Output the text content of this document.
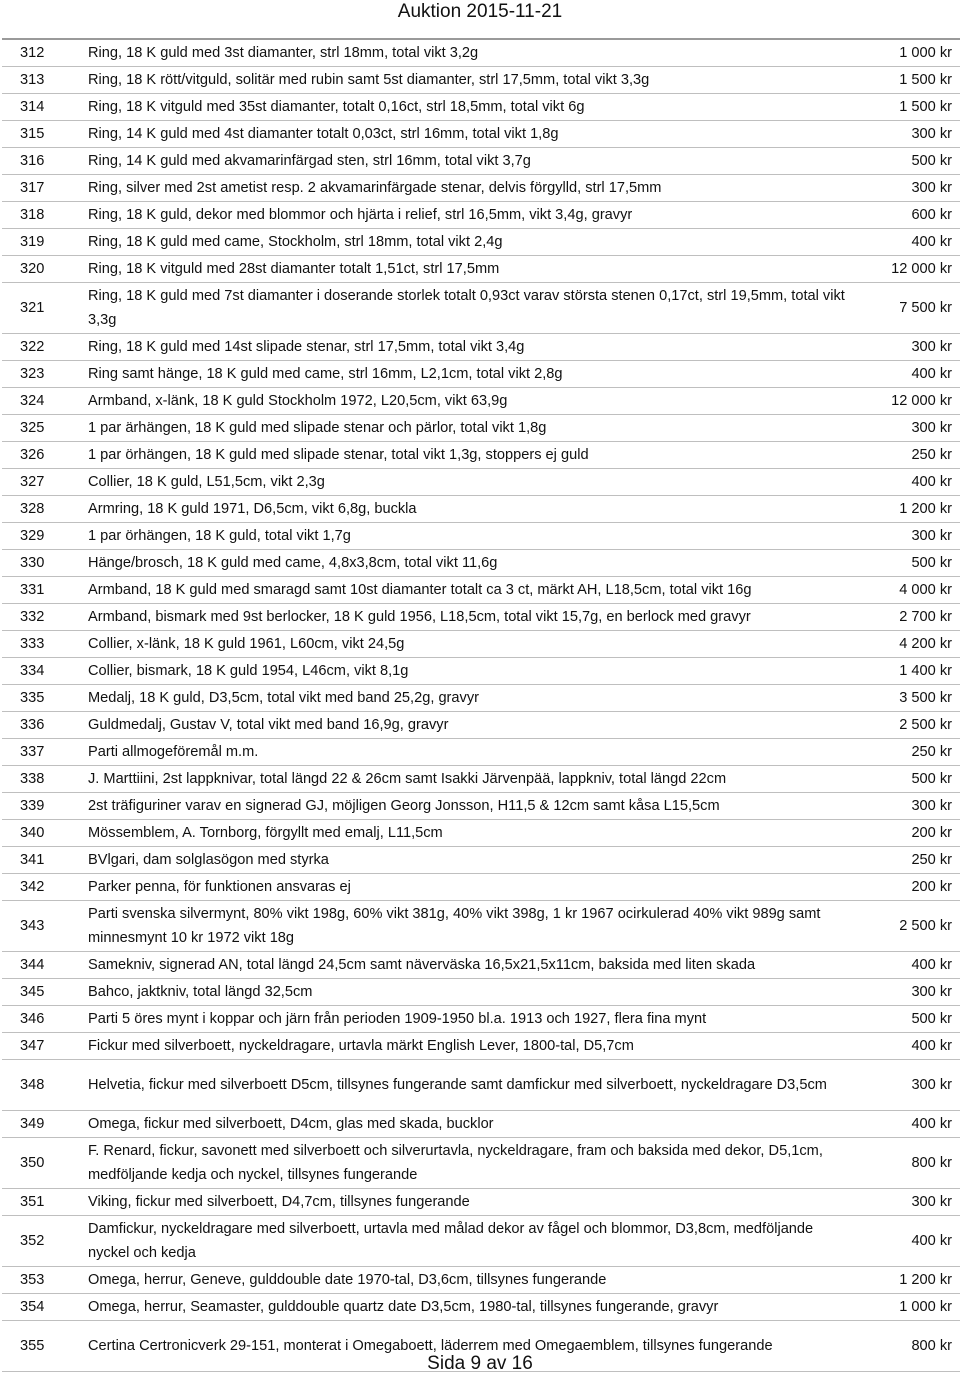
Auktion 2015-11-21
312	Ring, 18 K guld med 3st diamanter, strl 18mm, total vikt 3,2g	1 000 kr
313	Ring, 18 K rött/vitguld, solitär med rubin samt 5st diamanter, strl 17,5mm, total vikt 3,3g	1 500 kr
314	Ring, 18 K vitguld med 35st diamanter, totalt 0,16ct, strl 18,5mm, total vikt 6g	1 500 kr
315	Ring, 14 K guld med 4st diamanter totalt 0,03ct, strl 16mm, total vikt 1,8g	300 kr
316	Ring, 14 K guld med akvamarinfärgad sten, strl 16mm, total vikt 3,7g	500 kr
317	Ring, silver med 2st ametist resp. 2 akvamarinfärgade stenar, delvis förgylld, strl 17,5mm	300 kr
318	Ring, 18 K guld, dekor med blommor och hjärta i relief, strl 16,5mm, vikt 3,4g, gravyr	600 kr
319	Ring, 18 K guld med came, Stockholm, strl 18mm, total vikt 2,4g	400 kr
320	Ring, 18 K vitguld med 28st diamanter totalt 1,51ct, strl 17,5mm	12 000 kr
321	Ring, 18 K guld med 7st diamanter i doserande storlek totalt 0,93ct varav största stenen 0,17ct, strl 19,5mm, total vikt 3,3g	7 500 kr
322	Ring, 18 K guld med 14st slipade stenar, strl 17,5mm, total vikt 3,4g	300 kr
323	Ring samt hänge, 18 K guld med came, strl 16mm, L2,1cm, total vikt 2,8g	400 kr
324	Armband, x-länk, 18 K guld Stockholm 1972, L20,5cm, vikt 63,9g	12 000 kr
325	1 par ärhängen, 18 K guld med slipade stenar och pärlor, total vikt 1,8g	300 kr
326	1 par örhängen, 18 K guld med slipade stenar, total vikt 1,3g, stoppers ej guld	250 kr
327	Collier, 18 K guld, L51,5cm, vikt 2,3g	400 kr
328	Armring, 18 K guld 1971, D6,5cm, vikt 6,8g, buckla	1 200 kr
329	1 par örhängen, 18 K guld, total vikt 1,7g	300 kr
330	Hänge/brosch, 18 K guld med came, 4,8x3,8cm, total vikt 11,6g	500 kr
331	Armband, 18 K guld med smaragd samt 10st diamanter totalt ca 3 ct, märkt AH, L18,5cm, total vikt 16g	4 000 kr
332	Armband, bismark med 9st berlocker, 18 K guld 1956, L18,5cm, total vikt 15,7g, en berlock med gravyr	2 700 kr
333	Collier, x-länk, 18 K guld 1961, L60cm, vikt 24,5g	4 200 kr
334	Collier, bismark, 18 K guld 1954, L46cm, vikt 8,1g	1 400 kr
335	Medalj, 18 K guld, D3,5cm, total vikt med band 25,2g, gravyr	3 500 kr
336	Guldmedalj, Gustav V, total vikt med band 16,9g, gravyr	2 500 kr
337	Parti allmogeföremål m.m.	250 kr
338	J. Marttiini, 2st lappknivar, total längd 22 & 26cm samt Isakki Järvenpää, lappkniv, total längd 22cm	500 kr
339	2st träfiguriner varav en signerad GJ, möjligen Georg Jonsson, H11,5 & 12cm samt kåsa L15,5cm	300 kr
340	Mössemblem, A. Tornborg, förgyllt med emalj, L11,5cm	200 kr
341	BVlgari, dam solglasögon med styrka	250 kr
342	Parker penna, för funktionen ansvaras ej	200 kr
343	Parti svenska silvermynt, 80% vikt 198g, 60% vikt 381g, 40% vikt 398g, 1 kr 1967 ocirkulerad 40% vikt 989g samt minnesmynt 10 kr 1972 vikt 18g	2 500 kr
344	Samekniv, signerad AN, total längd 24,5cm samt näverväska 16,5x21,5x11cm, baksida med liten skada	400 kr
345	Bahco, jaktkniv, total längd 32,5cm	300 kr
346	Parti 5 öres mynt i koppar och järn från perioden 1909-1950 bl.a. 1913 och 1927, flera fina mynt	500 kr
347	Fickur med silverboett, nyckeldragare, urtavla märkt English Lever, 1800-tal, D5,7cm	400 kr
348	Helvetia, fickur med silverboett D5cm, tillsynes fungerande samt damfickur med silverboett, nyckeldragare D3,5cm	300 kr
349	Omega, fickur med silverboett, D4cm, glas med skada, bucklor	400 kr
350	F. Renard, fickur, savonett med silverboett och silverurtavla, nyckeldragare, fram och baksida med dekor, D5,1cm, medföljande kedja och nyckel, tillsynes fungerande	800 kr
351	Viking, fickur med silverboett, D4,7cm, tillsynes fungerande	300 kr
352	Damfickur, nyckeldragare med silverboett, urtavla med målad dekor av fågel och blommor, D3,8cm, medföljande nyckel och kedja	400 kr
353	Omega, herrur, Geneve, gulddouble date 1970-tal, D3,6cm, tillsynes fungerande	1 200 kr
354	Omega, herrur, Seamaster, gulddouble quartz date D3,5cm, 1980-tal, tillsynes fungerande, gravyr	1 000 kr
355	Certina Certronicverk 29-151, monterat i Omegaboett, läderrem med Omegaemblem, tillsynes fungerande	800 kr
Sida 9 av 16
